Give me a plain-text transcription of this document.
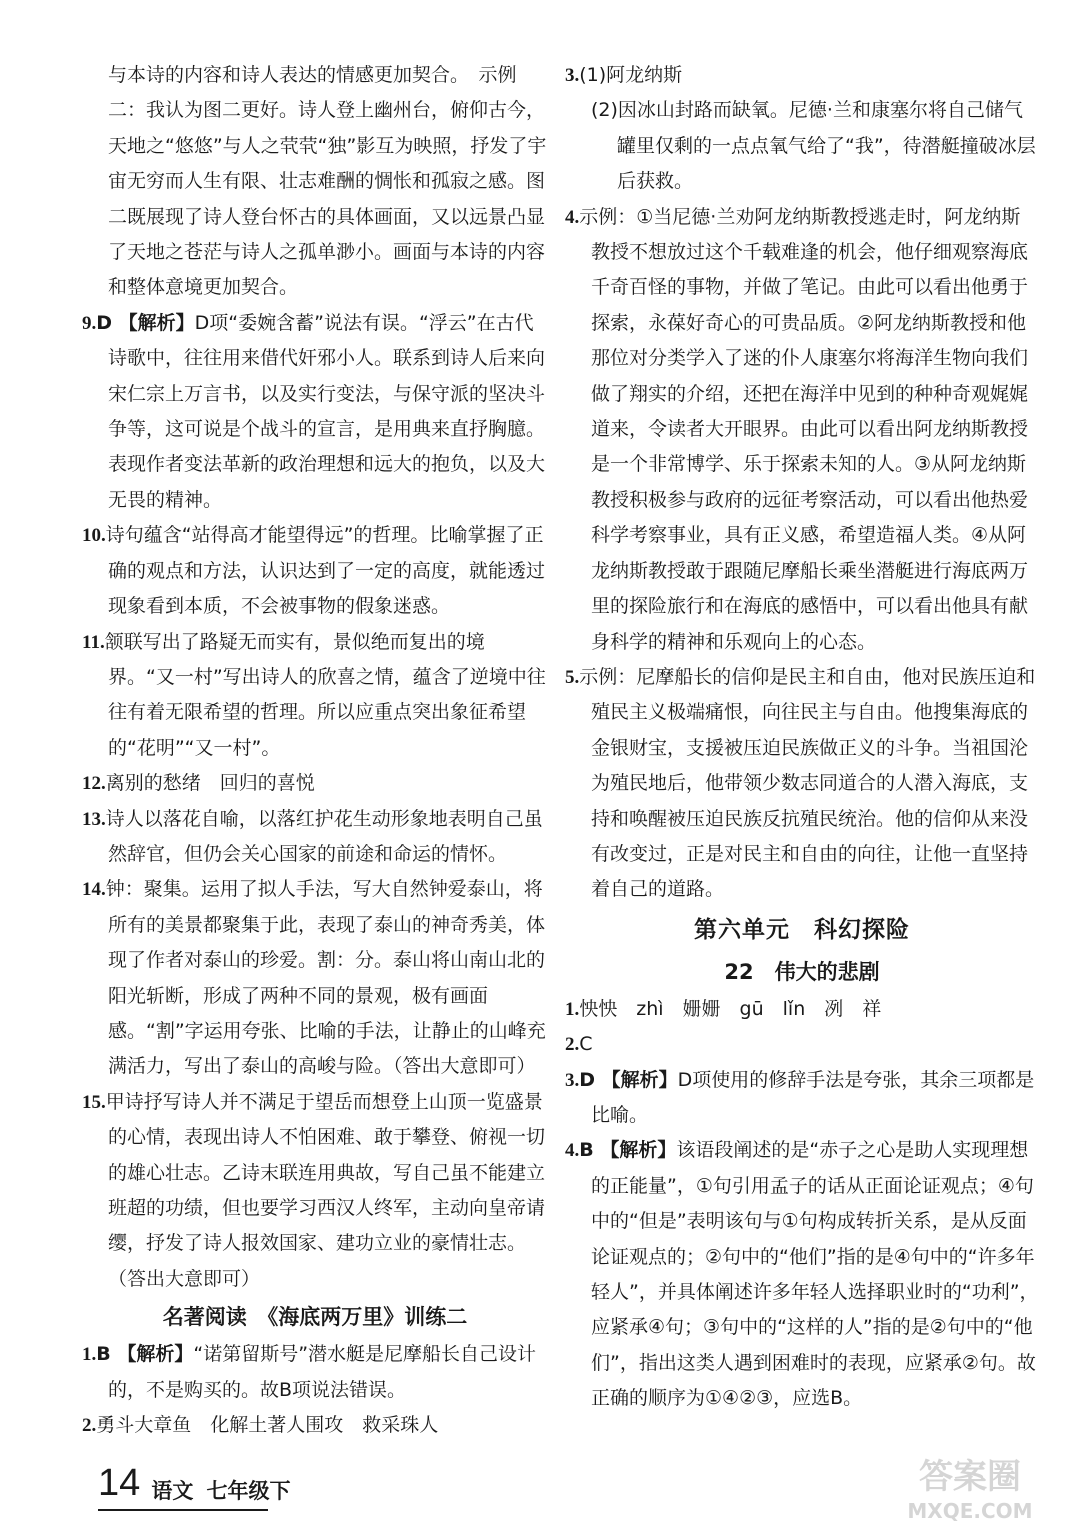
与本诗的内容和诗人表达的情感更加契合。　示例二：我认为图二更好。诗人登上幽州台，俯仰古今，天地之“悠悠”与人之茕茕“独”影互为映照，抒发了宇宙无穷而人生有限、壮志难酬的惆怅和孤寂之感。图二既展现了诗人登台怀古的具体画面，又以远景凸显了天地之苍茫与诗人之孤单渺小。画面与本诗的内容和整体意境更加契合。
9.D 【解析】D项“委婉含蓄”说法有误。“浮云”在古代诗歌中，往往用来借代奸邪小人。联系到诗人后来向宋仁宗上万言书，以及实行变法，与保守派的坚决斗争等，这可说是个战斗的宣言，是用典来直抒胸臆。表现作者变法革新的政治理想和远大的抱负，以及大无畏的精神。
10.诗句蕴含“站得高才能望得远”的哲理。比喻掌握了正确的观点和方法，认识达到了一定的高度，就能透过现象看到本质，不会被事物的假象迷惑。
11.颔联写出了路疑无而实有，景似绝而复出的境界。“又一村”写出诗人的欣喜之情，蕴含了逆境中往往有着无限希望的哲理。所以应重点突出象征希望的“花明”“又一村”。
12.离别的愁绪　回归的喜悦
13.诗人以落花自喻，以落红护花生动形象地表明自己虽然辞官，但仍会关心国家的前途和命运的情怀。
14.钟：聚集。运用了拟人手法，写大自然钟爱泰山，将所有的美景都聚集于此，表现了泰山的神奇秀美，体现了作者对泰山的珍爱。割：分。泰山将山南山北的阳光斩断，形成了两种不同的景观，极有画面感。“割”字运用夸张、比喻的手法，让静止的山峰充满活力，写出了泰山的高峻与险。（答出大意即可）
15.甲诗抒写诗人并不满足于望岳而想登上山顶一览盛景的心情，表现出诗人不怕困难、敢于攀登、俯视一切的雄心壮志。乙诗末联连用典故，写自己虽不能建立班超的功绩，但也要学习西汉人终军，主动向皇帝请缨，抒发了诗人报效国家、建功立业的豪情壮志。（答出大意即可）
名著阅读　《海底两万里》训练二
1.B 【解析】“诺第留斯号”潜水艇是尼摩船长自己设计的，不是购买的。故B项说法错误。
2.勇斗大章鱼　化解土著人围攻　救采珠人
3.(1)阿龙纳斯
(2)因冰山封路而缺氧。尼德·兰和康塞尔将自己储气罐里仅剩的一点点氧气给了“我”，待潜艇撞破冰层后获救。
4.示例：①当尼德·兰劝阿龙纳斯教授逃走时，阿龙纳斯教授不想放过这个千载难逢的机会，他仔细观察海底千奇百怪的事物，并做了笔记。由此可以看出他勇于探索，永葆好奇心的可贵品质。②阿龙纳斯教授和他那位对分类学入了迷的仆人康塞尔将海洋生物向我们做了翔实的介绍，还把在海洋中见到的种种奇观娓娓道来，令读者大开眼界。由此可以看出阿龙纳斯教授是一个非常博学、乐于探索未知的人。③从阿龙纳斯教授积极参与政府的远征考察活动，可以看出他热爱科学考察事业，具有正义感，希望造福人类。④从阿龙纳斯教授敢于跟随尼摩船长乘坐潜艇进行海底两万里的探险旅行和在海底的感悟中，可以看出他具有献身科学的精神和乐观向上的心态。
5.示例：尼摩船长的信仰是民主和自由，他对民族压迫和殖民主义极端痛恨，向往民主与自由。他搜集海底的金银财宝，支援被压迫民族做正义的斗争。当祖国沦为殖民地后，他带领少数志同道合的人潜入海底，支持和唤醒被压迫民族反抗殖民统治。他的信仰从来没有改变过，正是对民主和自由的向往，让他一直坚持着自己的道路。
第六单元　科幻探险
22　伟大的悲剧
1.怏怏　zhì　姗姗　gū　lǐn　冽　祥
2.C
3.D 【解析】D项使用的修辞手法是夸张，其余三项都是比喻。
4.B 【解析】该语段阐述的是“赤子之心是助人实现理想的正能量”，①句引用孟子的话从正面论证观点；④句中的“但是”表明该句与①句构成转折关系，是从反面论证观点的；②句中的“他们”指的是④句中的“许多年轻人”，并具体阐述许多年轻人选择职业时的“功利”，应紧承④句；③句中的“这样的人”指的是②句中的“他们”，指出这类人遇到困难时的表现，应紧承②句。故正确的顺序为①④②③，应选B。
14 语文 七年级下	答案圈
MXQE.COM
